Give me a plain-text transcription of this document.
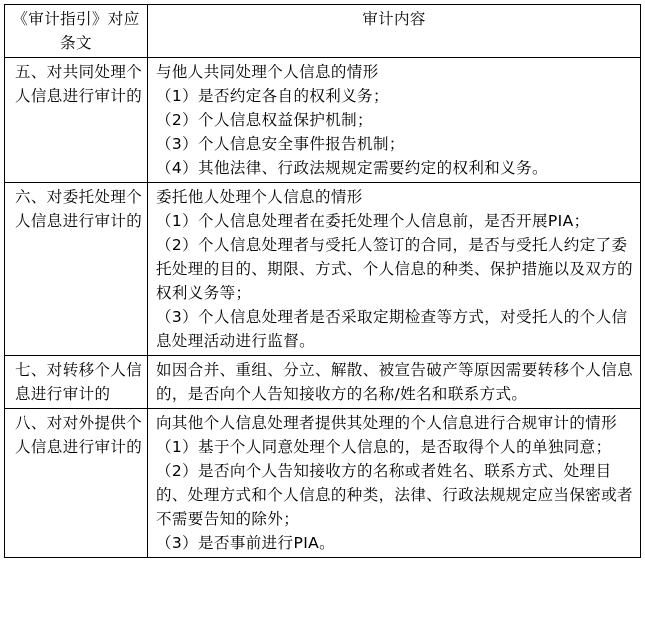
《审计指引》对应条文	审计内容
五、对共同处理个人信息进行审计的	与他人共同处理个人信息的情形
（1）是否约定各自的权利义务；
（2）个人信息权益保护机制；
（3）个人信息安全事件报告机制；
（4）其他法律、行政法规规定需要约定的权利和义务。

六、对委托处理个人信息进行审计的	委托他人处理个人信息的情形
（1）个人信息处理者在委托处理个人信息前，是否开展PIA；
（2）个人信息处理者与受托人签订的合同，是否与受托人约定了委托处理的目的、期限、方式、个人信息的种类、保护措施以及双方的权利义务等；
（3）个人信息处理者是否采取定期检查等方式，对受托人的个人信息处理活动进行监督。

七、对转移个人信息进行审计的	如因合并、重组、分立、解散、被宣告破产等原因需要转移个人信息的，是否向个人告知接收方的名称/姓名和联系方式。

八、对对外提供个人信息进行审计的	向其他个人信息处理者提供其处理的个人信息进行合规审计的情形
（1）基于个人同意处理个人信息的，是否取得个人的单独同意；
（2）是否向个人告知接收方的名称或者姓名、联系方式、处理目的、处理方式和个人信息的种类，法律、行政法规规定应当保密或者不需要告知的除外；
（3）是否事前进行PIA。
